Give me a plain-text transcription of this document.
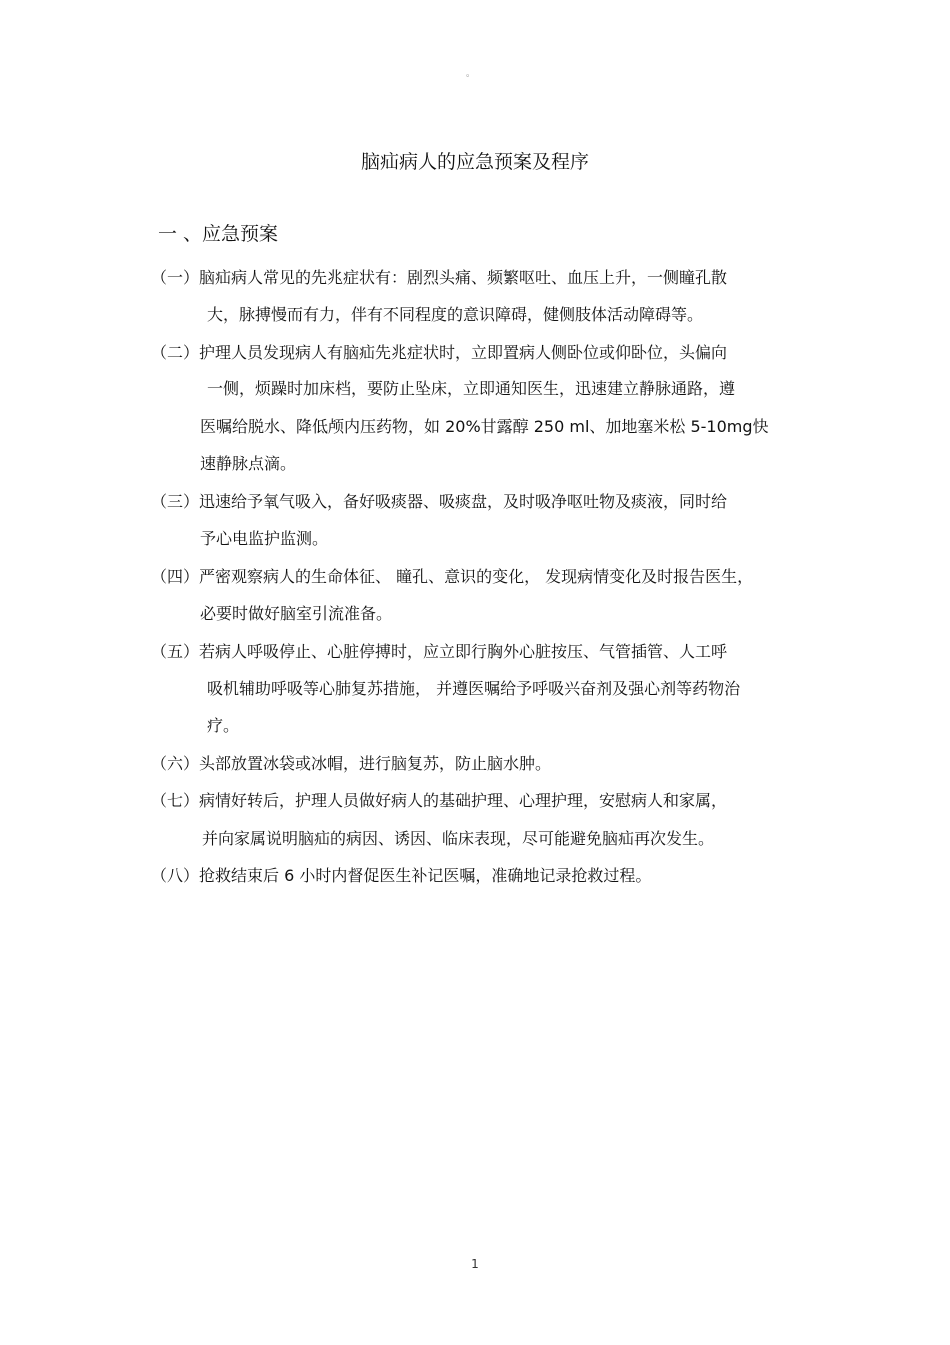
。
脑疝病人的应急预案及程序
一 、应急预案
（一）脑疝病人常见的先兆症状有：剧烈头痛、频繁呕吐、血压上升，一侧瞳孔散
大，脉搏慢而有力，伴有不同程度的意识障碍，健侧肢体活动障碍等。
（二）护理人员发现病人有脑疝先兆症状时，立即置病人侧卧位或仰卧位，头偏向
一侧，烦躁时加床档，要防止坠床，立即通知医生，迅速建立静脉通路，遵
医嘱给脱水、降低颅内压药物，如 20%甘露醇 250 ml、加地塞米松 5-10mg快
速静脉点滴。
（三）迅速给予氧气吸入，备好吸痰器、吸痰盘，及时吸净呕吐物及痰液，同时给
予心电监护监测。
（四）严密观察病人的生命体征、 瞳孔、意识的变化， 发现病情变化及时报告医生，
必要时做好脑室引流准备。
（五）若病人呼吸停止、心脏停搏时，应立即行胸外心脏按压、气管插管、人工呼
吸机辅助呼吸等心肺复苏措施， 并遵医嘱给予呼吸兴奋剂及强心剂等药物治
疗。
（六）头部放置冰袋或冰帽，进行脑复苏，防止脑水肿。
（七）病情好转后，护理人员做好病人的基础护理、心理护理，安慰病人和家属，
并向家属说明脑疝的病因、诱因、临床表现，尽可能避免脑疝再次发生。
（八）抢救结束后 6 小时内督促医生补记医嘱，准确地记录抢救过程。
1
